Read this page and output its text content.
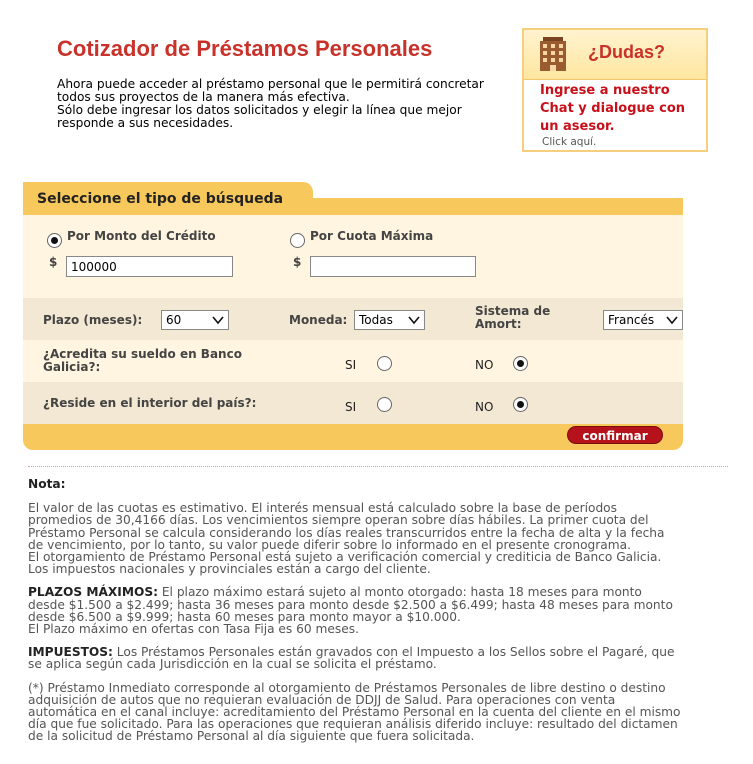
Cotizador de Préstamos Personales
Ahora puede acceder al préstamo personal que le permitirá concretar
todos sus proyectos de la manera más efectiva.
Sólo debe ingresar los datos solicitados y elegir la línea que mejor
responde a sus necesidades.
¿Dudas?
Ingrese a nuestro Chat y dialogue con un asesor.
Click aquí.
Seleccione el tipo de búsqueda
Por Monto del Crédito
$
100000
Por Cuota Máxima
$
Plazo (meses):	60	Moneda: Todas
Sistema de
Amort:	Francés
¿Acredita su sueldo en Banco
Galicia?:	SI	NO
¿Reside en el interior del país?:	SI	NO
confirmar

Nota:

El valor de las cuotas es estimativo. El interés mensual está calculado sobre la base de períodos
promedios de 30,4166 días. Los vencimientos siempre operan sobre días hábiles. La primer cuota del
Préstamo Personal se calcula considerando los días reales transcurridos entre la fecha de alta y la fecha
de vencimiento, por lo tanto, su valor puede diferir sobre lo informado en el presente cronograma.
El otorgamiento de Préstamo Personal está sujeto a verificación comercial y crediticia de Banco Galicia.
Los impuestos nacionales y provinciales están a cargo del cliente.

PLAZOS MÁXIMOS: El plazo máximo estará sujeto al monto otorgado: hasta 18 meses para monto
desde $1.500 a $2.499; hasta 36 meses para monto desde $2.500 a $6.499; hasta 48 meses para monto
desde $6.500 a $9.999; hasta 60 meses para monto mayor a $10.000.
El Plazo máximo en ofertas con Tasa Fija es 60 meses.

IMPUESTOS: Los Préstamos Personales están gravados con el Impuesto a los Sellos sobre el Pagaré, que
se aplica según cada Jurisdicción en la cual se solicita el préstamo.

(*) Préstamo Inmediato corresponde al otorgamiento de Préstamos Personales de libre destino o destino
adquisición de autos que no requieran evaluación de DDJJ de Salud. Para operaciones con venta
automática en el canal incluye: acreditamiento del Préstamo Personal en la cuenta del cliente en el mismo
día que fue solicitado. Para las operaciones que requieran análisis diferido incluye: resultado del dictamen
de la solicitud de Préstamo Personal al día siguiente que fuera solicitada.
